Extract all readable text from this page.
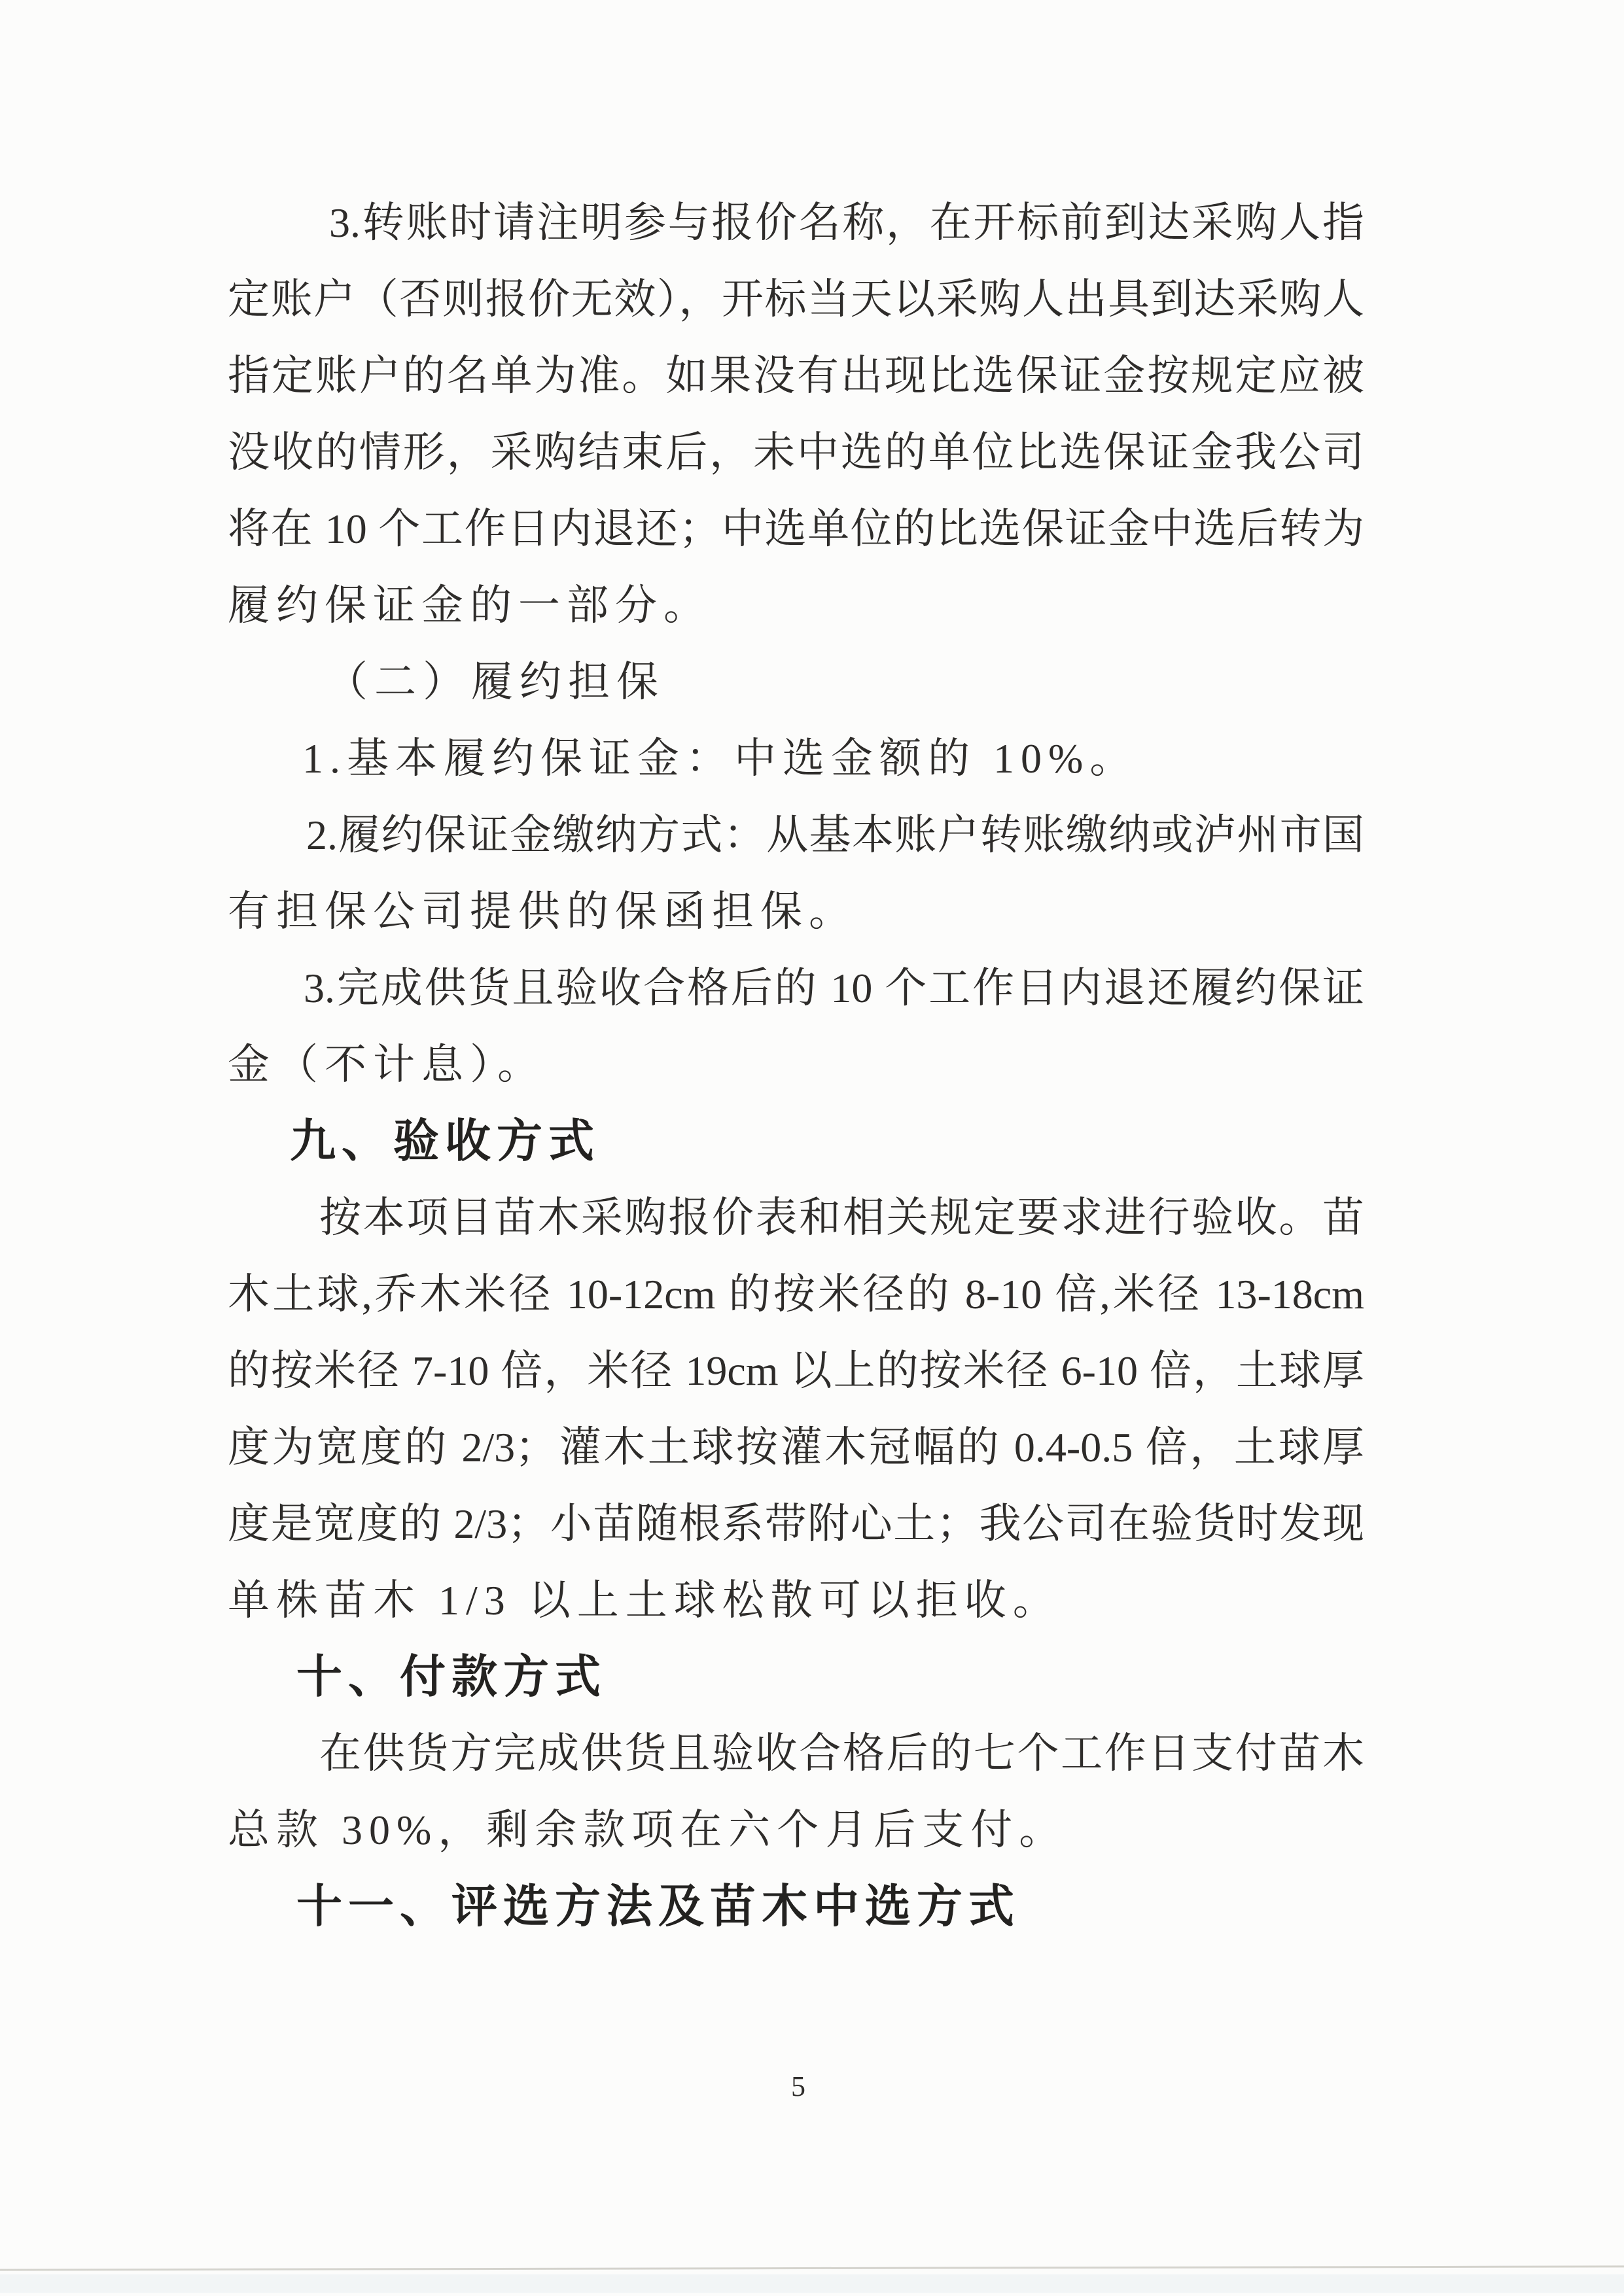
3.转账时请注明参与报价名称，在开标前到达采购人指
定账户（否则报价无效），开标当天以采购人出具到达采购人
指定账户的名单为准。如果没有出现比选保证金按规定应被
没收的情形，采购结束后，未中选的单位比选保证金我公司
将在 10 个工作日内退还；中选单位的比选保证金中选后转为
履约保证金的一部分。
（二）履约担保
1.基本履约保证金：中选金额的 10%。
2.履约保证金缴纳方式：从基本账户转账缴纳或泸州市国
有担保公司提供的保函担保。
3.完成供货且验收合格后的 10 个工作日内退还履约保证
金（不计息）。
九、验收方式
按本项目苗木采购报价表和相关规定要求进行验收。苗
木土球,乔木米径 10-12cm 的按米径的 8-10 倍,米径 13-18cm
的按米径 7-10 倍，米径 19cm 以上的按米径 6-10 倍，土球厚
度为宽度的 2/3；灌木土球按灌木冠幅的 0.4-0.5 倍，土球厚
度是宽度的 2/3；小苗随根系带附心土；我公司在验货时发现
单株苗木 1/3 以上土球松散可以拒收。
十、付款方式
在供货方完成供货且验收合格后的七个工作日支付苗木
总款 30%，剩余款项在六个月后支付。
十一、评选方法及苗木中选方式
5
